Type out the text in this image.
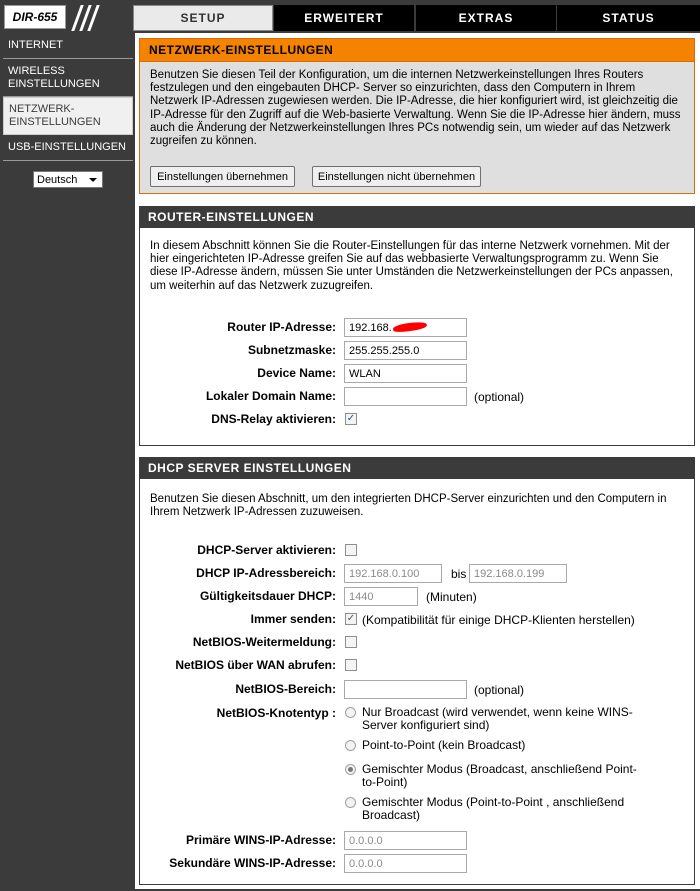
DIR-655	SETUP	ERWEITERT	EXTRAS	STATUS
INTERNET
WIRELESS EINSTELLUNGEN
NETZWERK-EINSTELLUNGEN
USB-EINSTELLUNGEN
Deutsch
NETZWERK-EINSTELLUNGEN
Benutzen Sie diesen Teil der Konfiguration, um die internen Netzwerkeinstellungen Ihres Routers festzulegen und den eingebauten DHCP- Server so einzurichten, dass den Computern in Ihrem Netzwerk IP-Adressen zugewiesen werden. Die IP-Adresse, die hier konfiguriert wird, ist gleichzeitig die IP-Adresse für den Zugriff auf die Web-basierte Verwaltung. Wenn Sie die IP-Adresse hier ändern, muss auch die Änderung der Netzwerkeinstellungen Ihres PCs notwendig sein, um wieder auf das Netzwerk zugreifen zu können.
Einstellungen übernehmen	Einstellungen nicht übernehmen
ROUTER-EINSTELLUNGEN
In diesem Abschnitt können Sie die Router-Einstellungen für das interne Netzwerk vornehmen. Mit der hier eingerichteten IP-Adresse greifen Sie auf das webbasierte Verwaltungsprogramm zu. Wenn Sie diese IP-Adresse ändern, müssen Sie unter Umständen die Netzwerkeinstellungen der PCs anpassen, um weiterhin auf das Netzwerk zuzugreifen.
Router IP-Adresse: 192.168.
Subnetzmaske: 255.255.255.0
Device Name: WLAN
Lokaler Domain Name:	(optional)
DNS-Relay aktivieren: ✓
DHCP SERVER EINSTELLUNGEN
Benutzen Sie diesen Abschnitt, um den integrierten DHCP-Server einzurichten und den Computern in Ihrem Netzwerk IP-Adressen zuzuweisen.
DHCP-Server aktivieren:
DHCP IP-Adressbereich: 192.168.0.100	bis 192.168.0.199
Gültigkeitsdauer DHCP: 1440	(Minuten)
Immer senden: ✓ (Kompatibilität für einige DHCP-Klienten herstellen)
NetBIOS-Weitermeldung:
NetBIOS über WAN abrufen:
NetBIOS-Bereich:	(optional)
NetBIOS-Knotentyp : Nur Broadcast (wird verwendet, wenn keine WINS-Server konfiguriert sind)
Point-to-Point (kein Broadcast)
Gemischter Modus (Broadcast, anschließend Point-to-Point)
Gemischter Modus (Point-to-Point , anschließend Broadcast)
Primäre WINS-IP-Adresse: 0.0.0.0
Sekundäre WINS-IP-Adresse: 0.0.0.0
